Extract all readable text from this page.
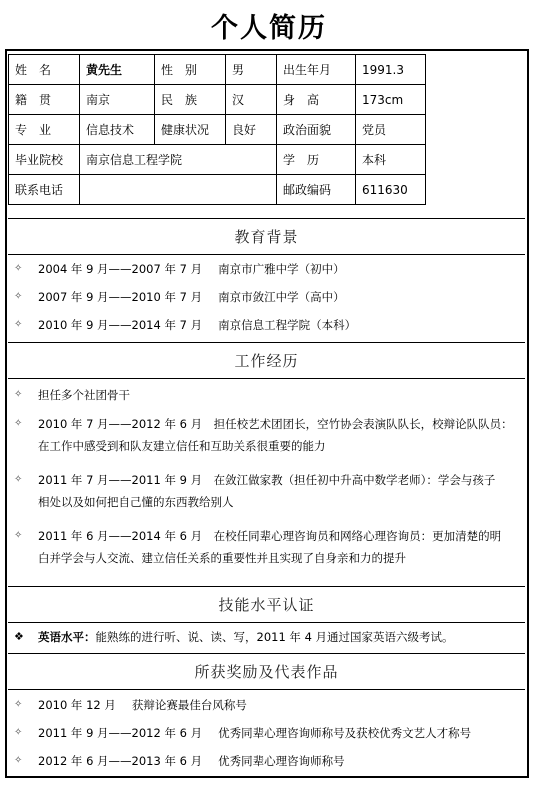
个人简历
姓　名	黄先生	性　别	男	出生年月	1991.3
籍　贯	南京	民　族	汉	身　高	173cm
专　业	信息技术	健康状况	良好	政治面貌	党员
毕业院校	南京信息工程学院			学　历	本科
联系电话				邮政编码	611630
教育背景
✧	2004 年 9 月——2007 年 7 月 南京市广雅中学（初中）
✧	2007 年 9 月——2010 年 7 月 南京市敛江中学（高中）
✧	2010 年 9 月——2014 年 7 月 南京信息工程学院（本科）
工作经历
✧	担任多个社团骨干
✧	2010 年 7 月——2012 年 6 月　担任校艺术团团长，空竹协会表演队队长，校辩论队队员：
在工作中感受到和队友建立信任和互助关系很重要的能力
✧	2011 年 7 月——2011 年 9 月　在敛江做家教（担任初中升高中数学老师）：学会与孩子
相处以及如何把自己懂的东西教给别人
✧	2011 年 6 月——2014 年 6 月　在校任同辈心理咨询员和网络心理咨询员：更加清楚的明
白并学会与人交流、建立信任关系的重要性并且实现了自身亲和力的提升
技能水平认证
❖	英语水平：能熟练的进行听、说、读、写，2011 年 4 月通过国家英语六级考试。
所获奖励及代表作品
✧	2010 年 12 月 获辩论赛最佳台风称号
✧	2011 年 9 月——2012 年 6 月 优秀同辈心理咨询师称号及获校优秀文艺人才称号
✧	2012 年 6 月——2013 年 6 月 优秀同辈心理咨询师称号
